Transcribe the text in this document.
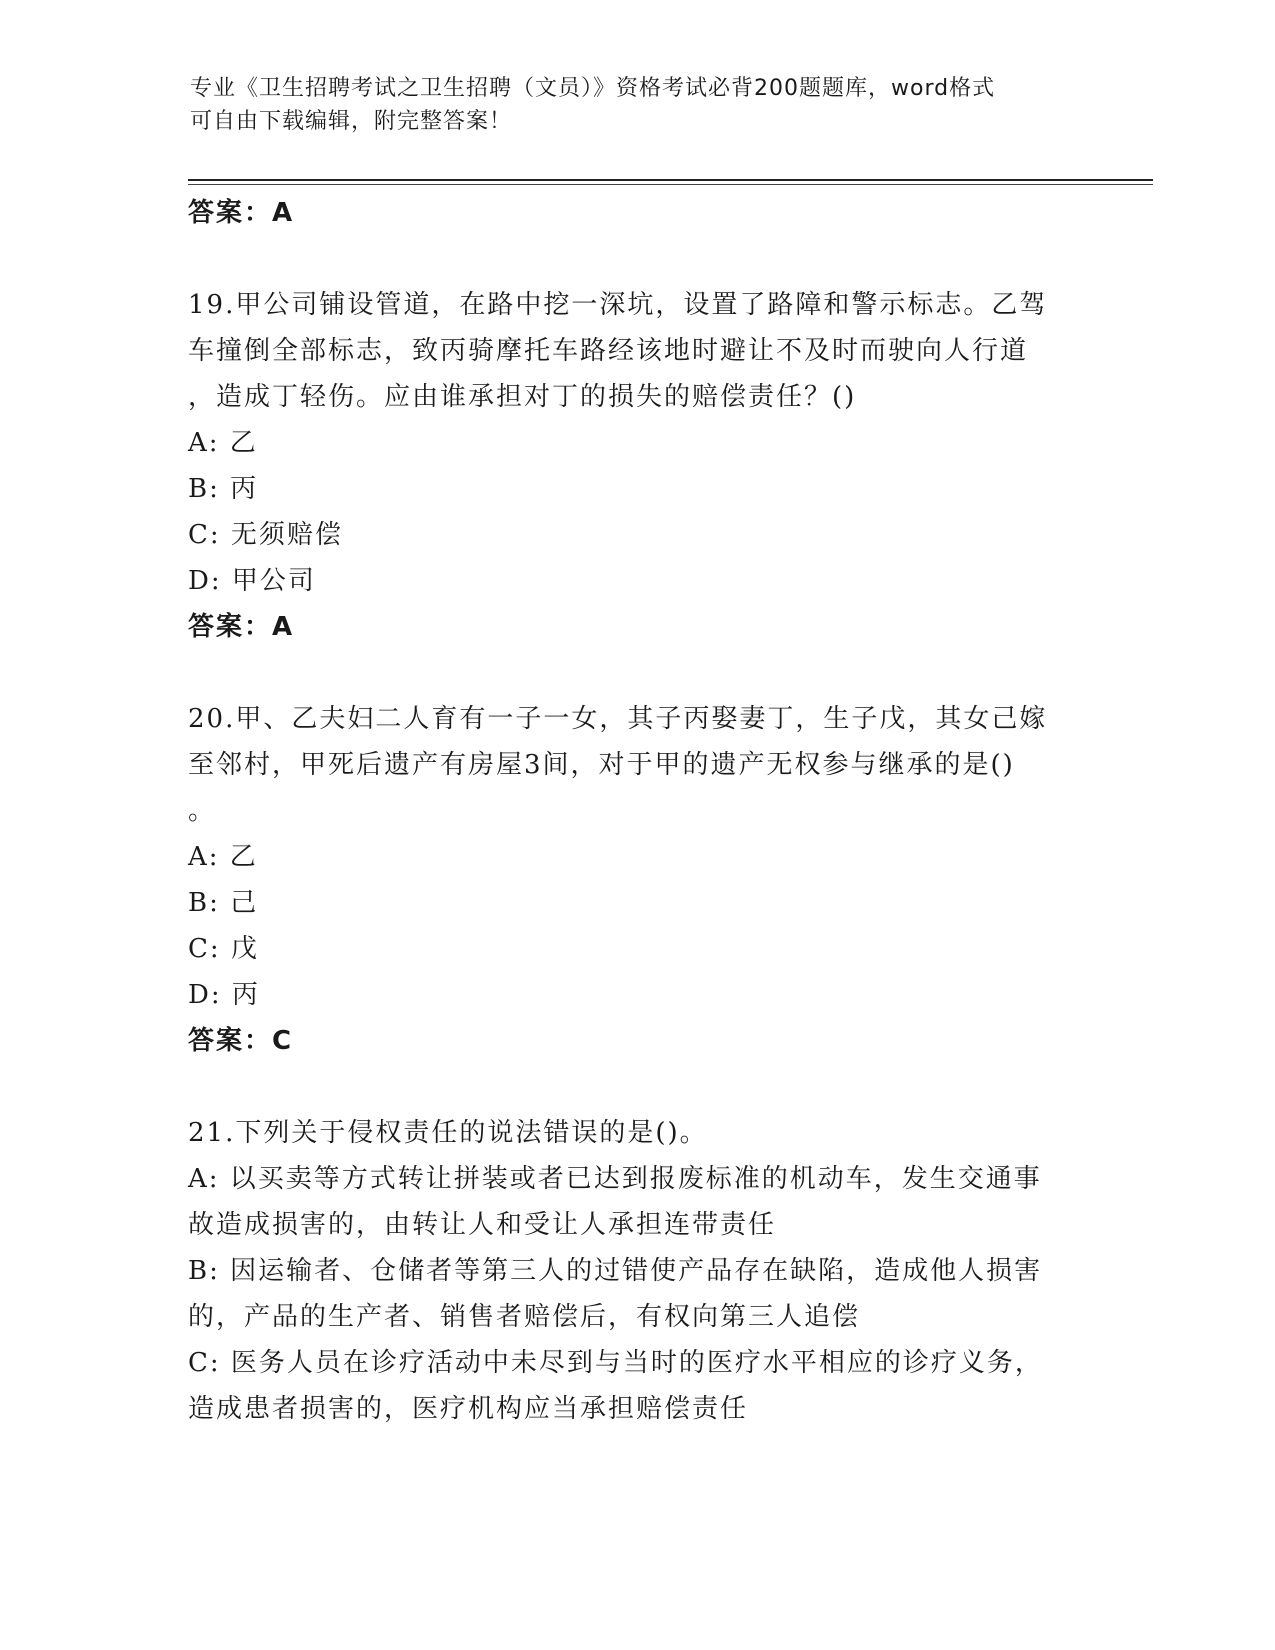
专业《卫生招聘考试之卫生招聘（文员）》资格考试必背200题题库，word格式
可自由下载编辑，附完整答案！
答案：A
19.甲公司铺设管道，在路中挖一深坑，设置了路障和警示标志。乙驾
车撞倒全部标志，致丙骑摩托车路经该地时避让不及时而驶向人行道
，造成丁轻伤。应由谁承担对丁的损失的赔偿责任？()
A: 乙
B: 丙
C: 无须赔偿
D: 甲公司
答案：A
20.甲、乙夫妇二人育有一子一女，其子丙娶妻丁，生子戊，其女己嫁
至邻村，甲死后遗产有房屋3间，对于甲的遗产无权参与继承的是()
。
A: 乙
B: 己
C: 戊
D: 丙
答案：C
21.下列关于侵权责任的说法错误的是()。
A: 以买卖等方式转让拼装或者已达到报废标准的机动车，发生交通事
故造成损害的，由转让人和受让人承担连带责任
B: 因运输者、仓储者等第三人的过错使产品存在缺陷，造成他人损害
的，产品的生产者、销售者赔偿后，有权向第三人追偿
C: 医务人员在诊疗活动中未尽到与当时的医疗水平相应的诊疗义务，
造成患者损害的，医疗机构应当承担赔偿责任
